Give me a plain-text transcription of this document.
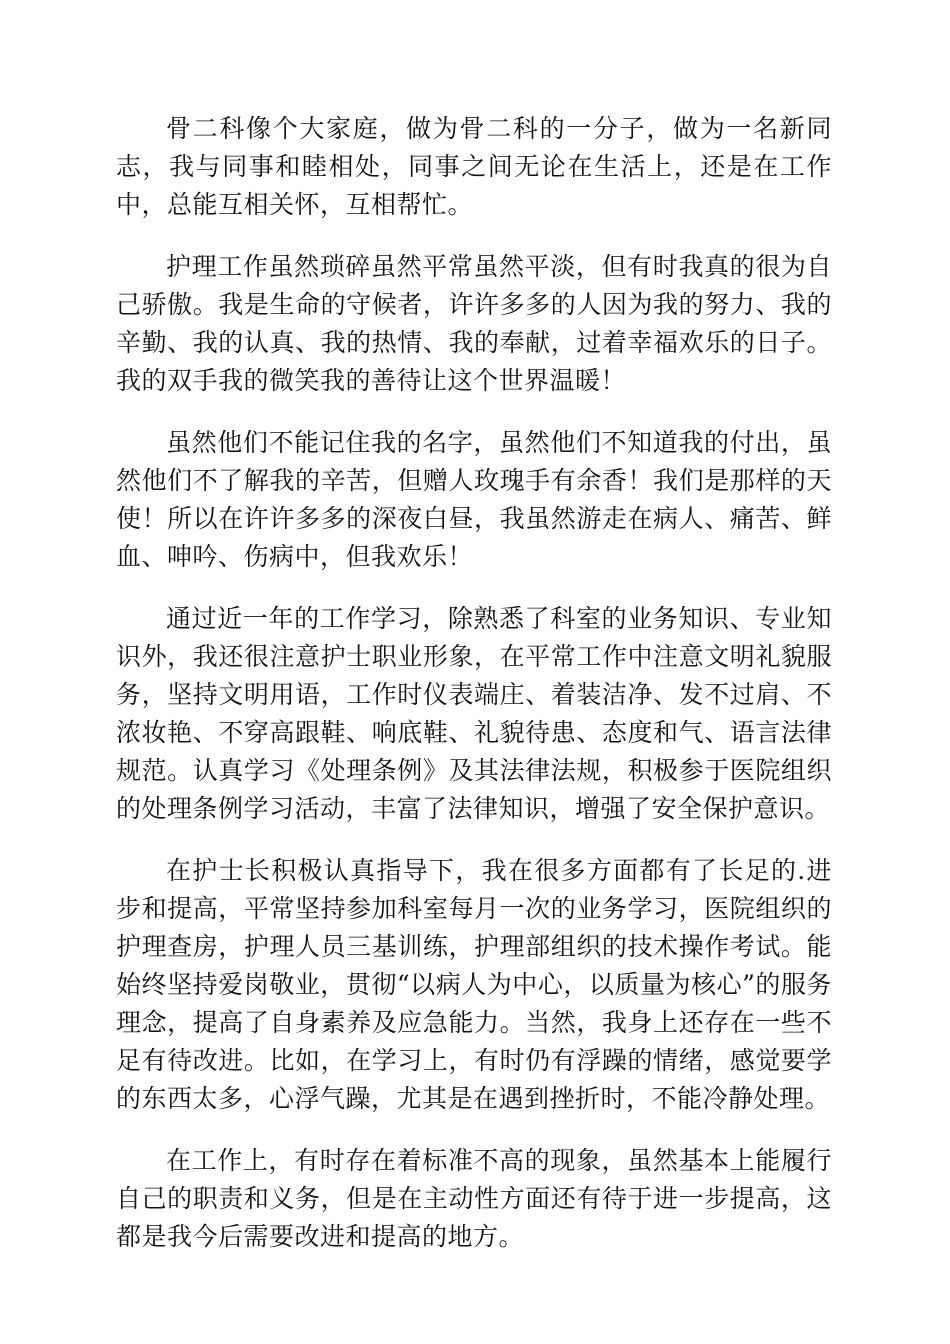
骨二科像个大家庭，做为骨二科的一分子，做为一名新同志，我与同事和睦相处，同事之间无论在生活上，还是在工作中，总能互相关怀，互相帮忙。

护理工作虽然琐碎虽然平常虽然平淡，但有时我真的很为自己骄傲。我是生命的守候者，许许多多的人因为我的努力、我的辛勤、我的认真、我的热情、我的奉献，过着幸福欢乐的日子。我的双手我的微笑我的善待让这个世界温暖！

虽然他们不能记住我的名字，虽然他们不知道我的付出，虽然他们不了解我的辛苦，但赠人玫瑰手有余香！我们是那样的天使！所以在许许多多的深夜白昼，我虽然游走在病人、痛苦、鲜血、呻吟、伤病中，但我欢乐！

通过近一年的工作学习，除熟悉了科室的业务知识、专业知识外，我还很注意护士职业形象，在平常工作中注意文明礼貌服务，坚持文明用语，工作时仪表端庄、着装洁净、发不过肩、不浓妆艳、不穿高跟鞋、响底鞋、礼貌待患、态度和气、语言法律规范。认真学习《处理条例》及其法律法规，积极参于医院组织的处理条例学习活动，丰富了法律知识，增强了安全保护意识。

在护士长积极认真指导下，我在很多方面都有了长足的.进步和提高，平常坚持参加科室每月一次的业务学习，医院组织的护理查房，护理人员三基训练，护理部组织的技术操作考试。能始终坚持爱岗敬业，贯彻“以病人为中心，以质量为核心”的服务理念，提高了自身素养及应急能力。当然，我身上还存在一些不足有待改进。比如，在学习上，有时仍有浮躁的情绪，感觉要学的东西太多，心浮气躁，尤其是在遇到挫折时，不能冷静处理。

在工作上，有时存在着标准不高的现象，虽然基本上能履行自己的职责和义务，但是在主动性方面还有待于进一步提高，这都是我今后需要改进和提高的地方。
